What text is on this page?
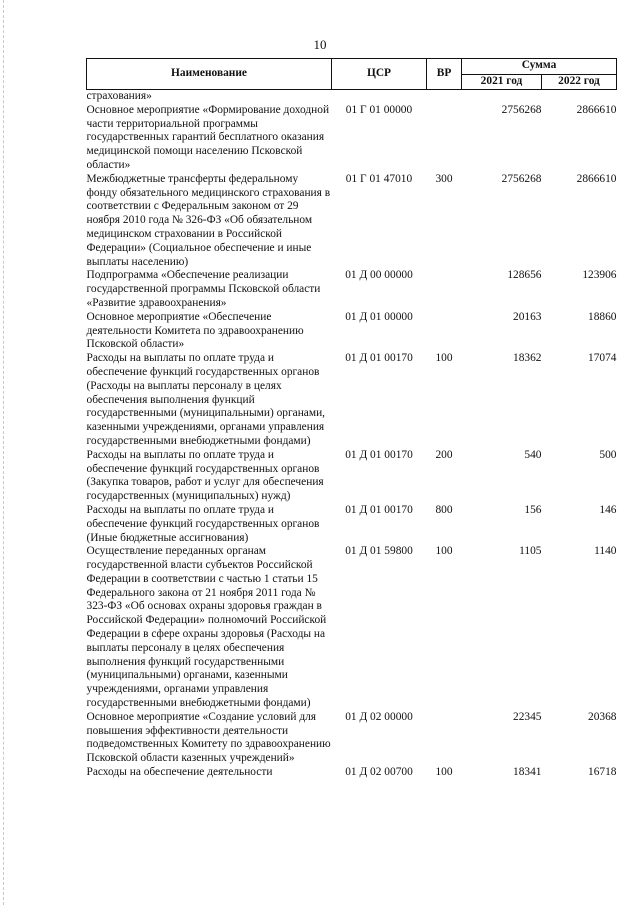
10
Наименование	ЦСР	ВР	Сумма	
			2021 год	2022 год
страхования»				
Основное мероприятие «Формирование доходной части территориальной программы государственных гарантий бесплатного оказания медицинской помощи населению Псковской области»	01 Г 01 00000		2756268	2866610
Межбюджетные трансферты федеральному фонду обязательного медицинского страхования в соответствии с Федеральным законом от 29 ноября 2010 года № 326-ФЗ «Об обязательном медицинском страховании в Российской Федерации» (Социальное обеспечение и иные выплаты населению)	01 Г 01 47010	300	2756268	2866610
Подпрограмма «Обеспечение реализации государственной программы Псковской области «Развитие здравоохранения»	01 Д 00 00000		128656	123906
Основное мероприятие «Обеспечение деятельности Комитета по здравоохранению Псковской области»	01 Д 01 00000		20163	18860
Расходы на выплаты по оплате труда и обеспечение функций государственных органов (Расходы на выплаты персоналу в целях обеспечения выполнения функций государственными (муниципальными) органами, казенными учреждениями, органами управления государственными внебюджетными фондами)	01 Д 01 00170	100	18362	17074
Расходы на выплаты по оплате труда и обеспечение функций государственных органов (Закупка товаров, работ и услуг для обеспечения государственных (муниципальных) нужд)	01 Д 01 00170	200	540	500
Расходы на выплаты по оплате труда и обеспечение функций государственных органов (Иные бюджетные ассигнования)	01 Д 01 00170	800	156	146
Осуществление переданных органам государственной власти субъектов Российской Федерации в соответствии с частью 1 статьи 15 Федерального закона от 21 ноября 2011 года № 323-ФЗ «Об основах охраны здоровья граждан в Российской Федерации» полномочий Российской Федерации в сфере охраны здоровья (Расходы на выплаты персоналу в целях обеспечения выполнения функций государственными (муниципальными) органами, казенными учреждениями, органами управления государственными внебюджетными фондами)	01 Д 01 59800	100	1105	1140
Основное мероприятие «Создание условий для повышения эффективности деятельности подведомственных Комитету по здравоохранению Псковской области казенных учреждений»	01 Д 02 00000		22345	20368
Расходы на обеспечение деятельности	01 Д 02 00700	100	18341	16718
